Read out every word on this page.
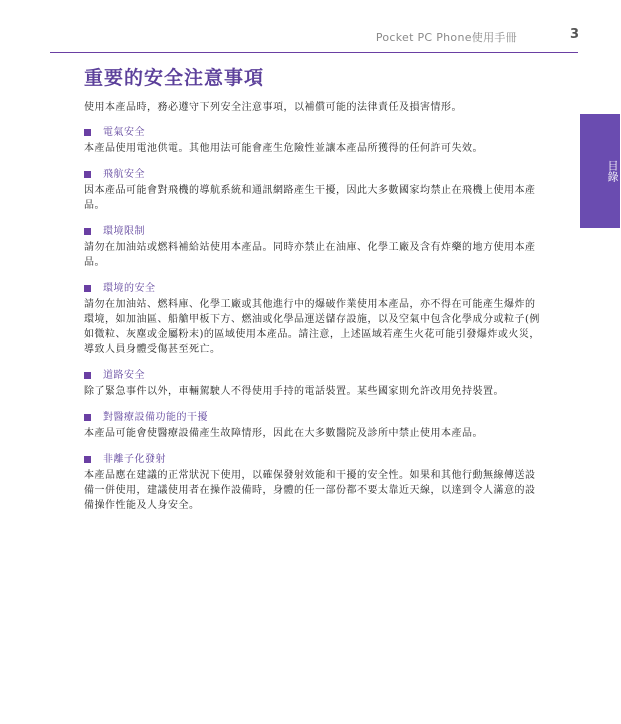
Pocket PC Phone使用手冊	3
目錄
重要的安全注意事項

使用本產品時，務必遵守下列安全注意事項，以補償可能的法律責任及損害情形。

電氣安全

本產品使用電池供電。其他用法可能會產生危險性並讓本產品所獲得的任何許可失效。

飛航安全

因本產品可能會對飛機的導航系統和通訊網路產生干擾，因此大多數國家均禁止在飛機上使用本產品。

環境限制

請勿在加油站或燃料補給站使用本產品。同時亦禁止在油庫、化學工廠及含有炸藥的地方使用本產品。

環境的安全

請勿在加油站、燃料庫、化學工廠或其他進行中的爆破作業使用本產品，亦不得在可能產生爆炸的環境，如加油區、船艙甲板下方、燃油或化學品運送儲存設施，以及空氣中包含化學成分或粒子(例如微粒、灰塵或金屬粉末)的區域使用本產品。請注意，上述區域若產生火花可能引發爆炸或火災，導致人員身體受傷甚至死亡。

道路安全

除了緊急事件以外，車輛駕駛人不得使用手持的電話裝置。某些國家則允許改用免持裝置。

對醫療設備功能的干擾

本產品可能會使醫療設備產生故障情形，因此在大多數醫院及診所中禁止使用本產品。

非離子化發射

本產品應在建議的正常狀況下使用，以確保發射效能和干擾的安全性。如果和其他行動無線傳送設備一併使用，建議使用者在操作設備時，身體的任一部份都不要太靠近天線，以達到令人滿意的設備操作性能及人身安全。
